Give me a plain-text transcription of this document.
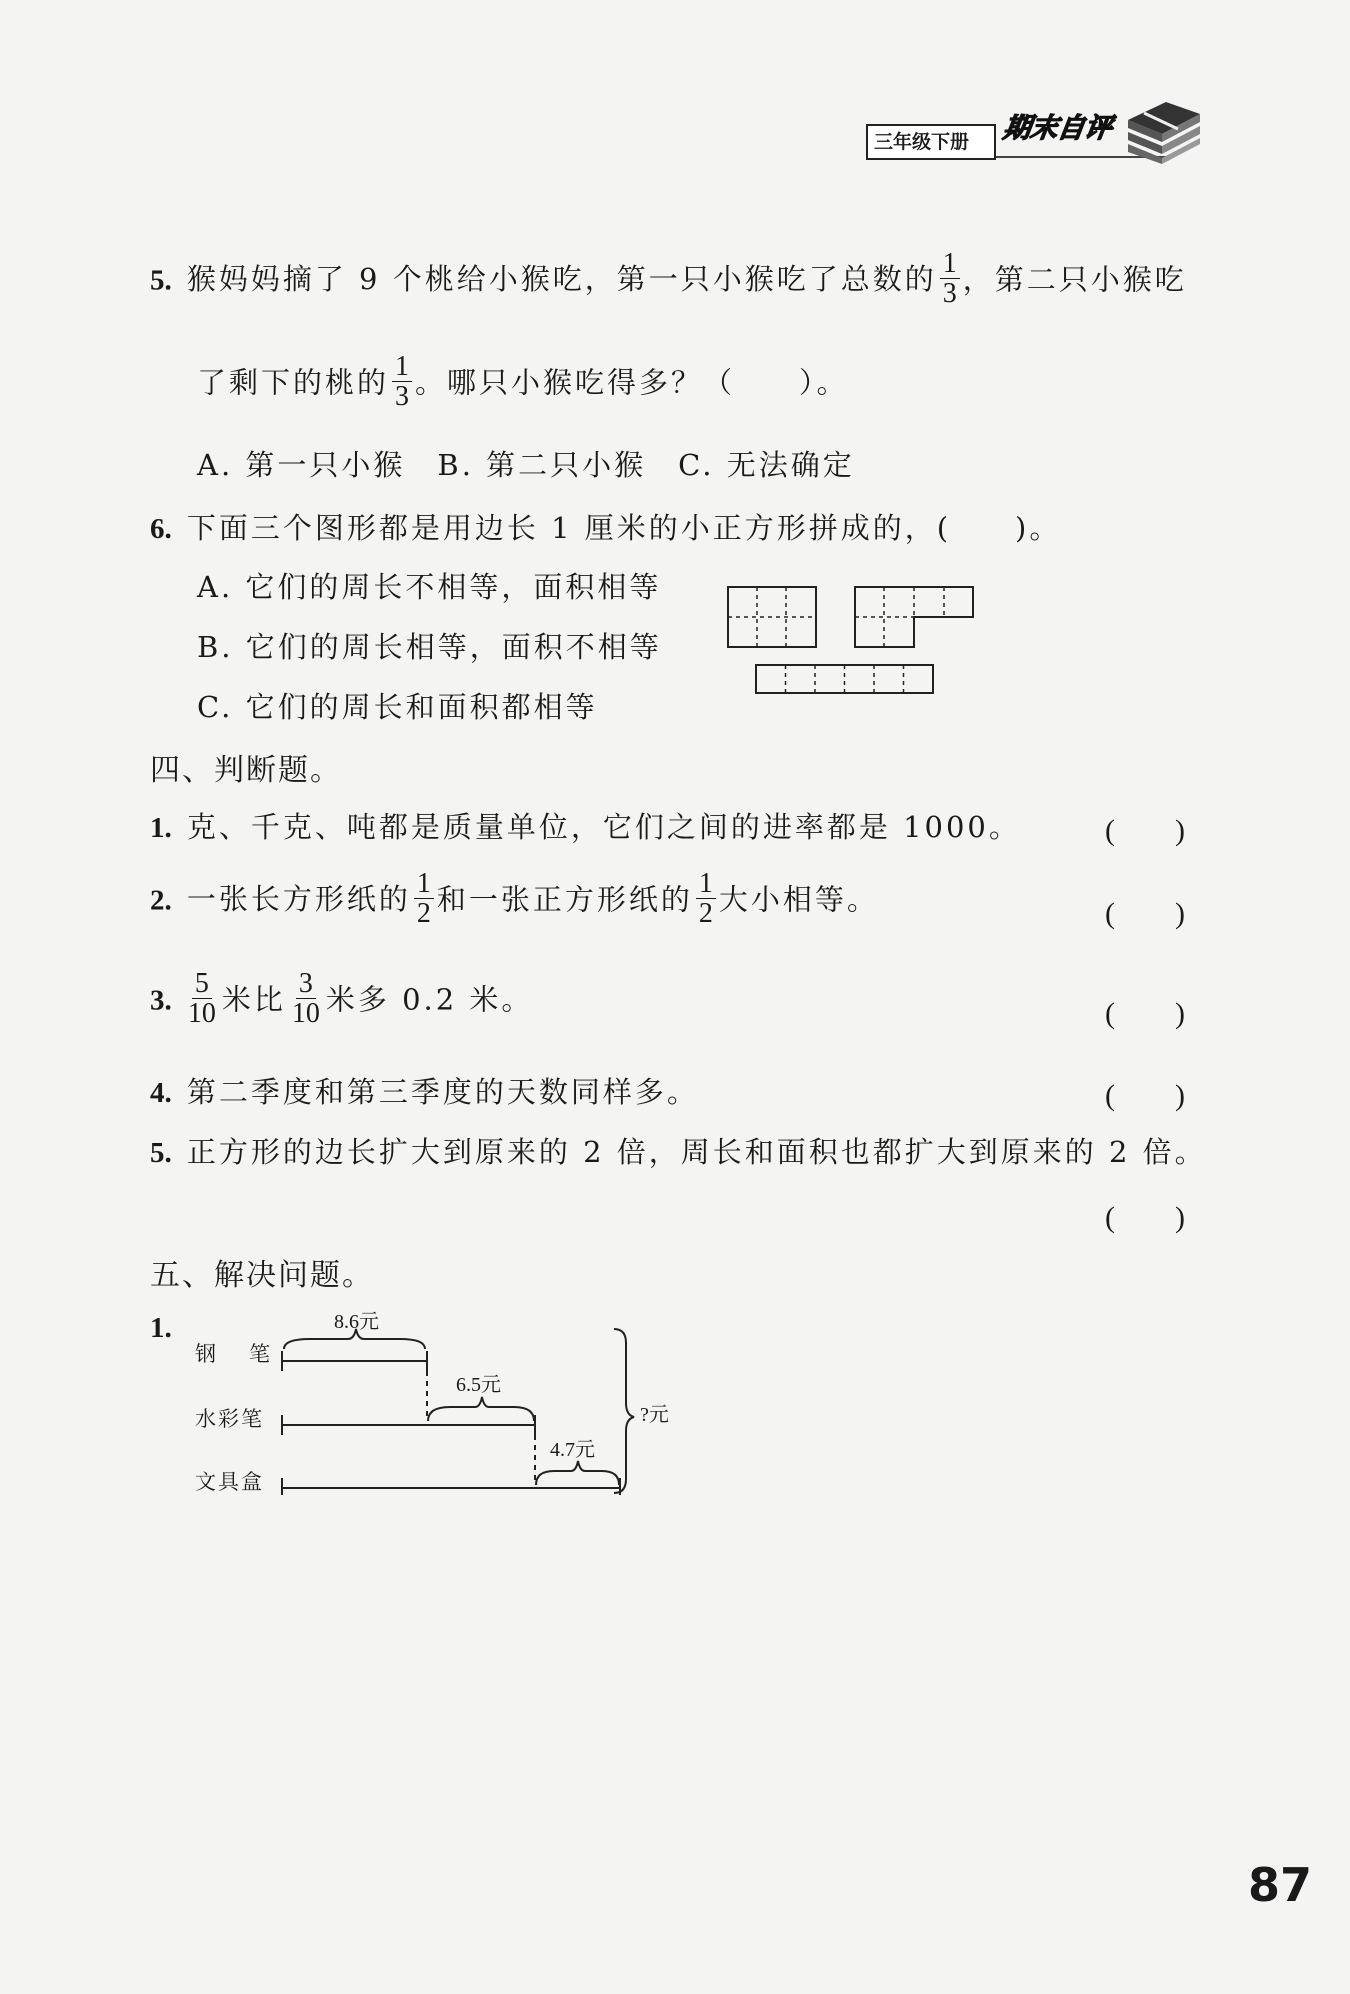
三年级下册 期末自评
5. 猴妈妈摘了 9 个桃给小猴吃，第一只小猴吃了总数的 $\frac{1}{3}$ ，第二只小猴吃
了剩下的桃的 $\frac{1}{3}$ 。哪只小猴吃得多？（　　）。
A. 第一只小猴　B. 第二只小猴　C. 无法确定
6. 下面三个图形都是用边长 1 厘米的小正方形拼成的，(　　)。
A. 它们的周长不相等，面积相等
B. 它们的周长相等，面积不相等
C. 它们的周长和面积都相等
四、判断题。
1. 克、千克、吨都是质量单位，它们之间的进率都是 1000。	(　　)
2. 一张长方形纸的 $\frac{1}{2}$ 和一张正方形纸的 $\frac{1}{2}$ 大小相等。	(　　)
3. $\frac{5}{10}$ 米比 $\frac{3}{10}$ 米多 0.2 米。	(　　)
4. 第二季度和第三季度的天数同样多。	(　　)
5. 正方形的边长扩大到原来的 2 倍，周长和面积也都扩大到原来的 2 倍。
(　　)
五、解决问题。
1.
钢　笔
水彩笔
文具盒
8.6元
6.5元
4.7元
?元
87
